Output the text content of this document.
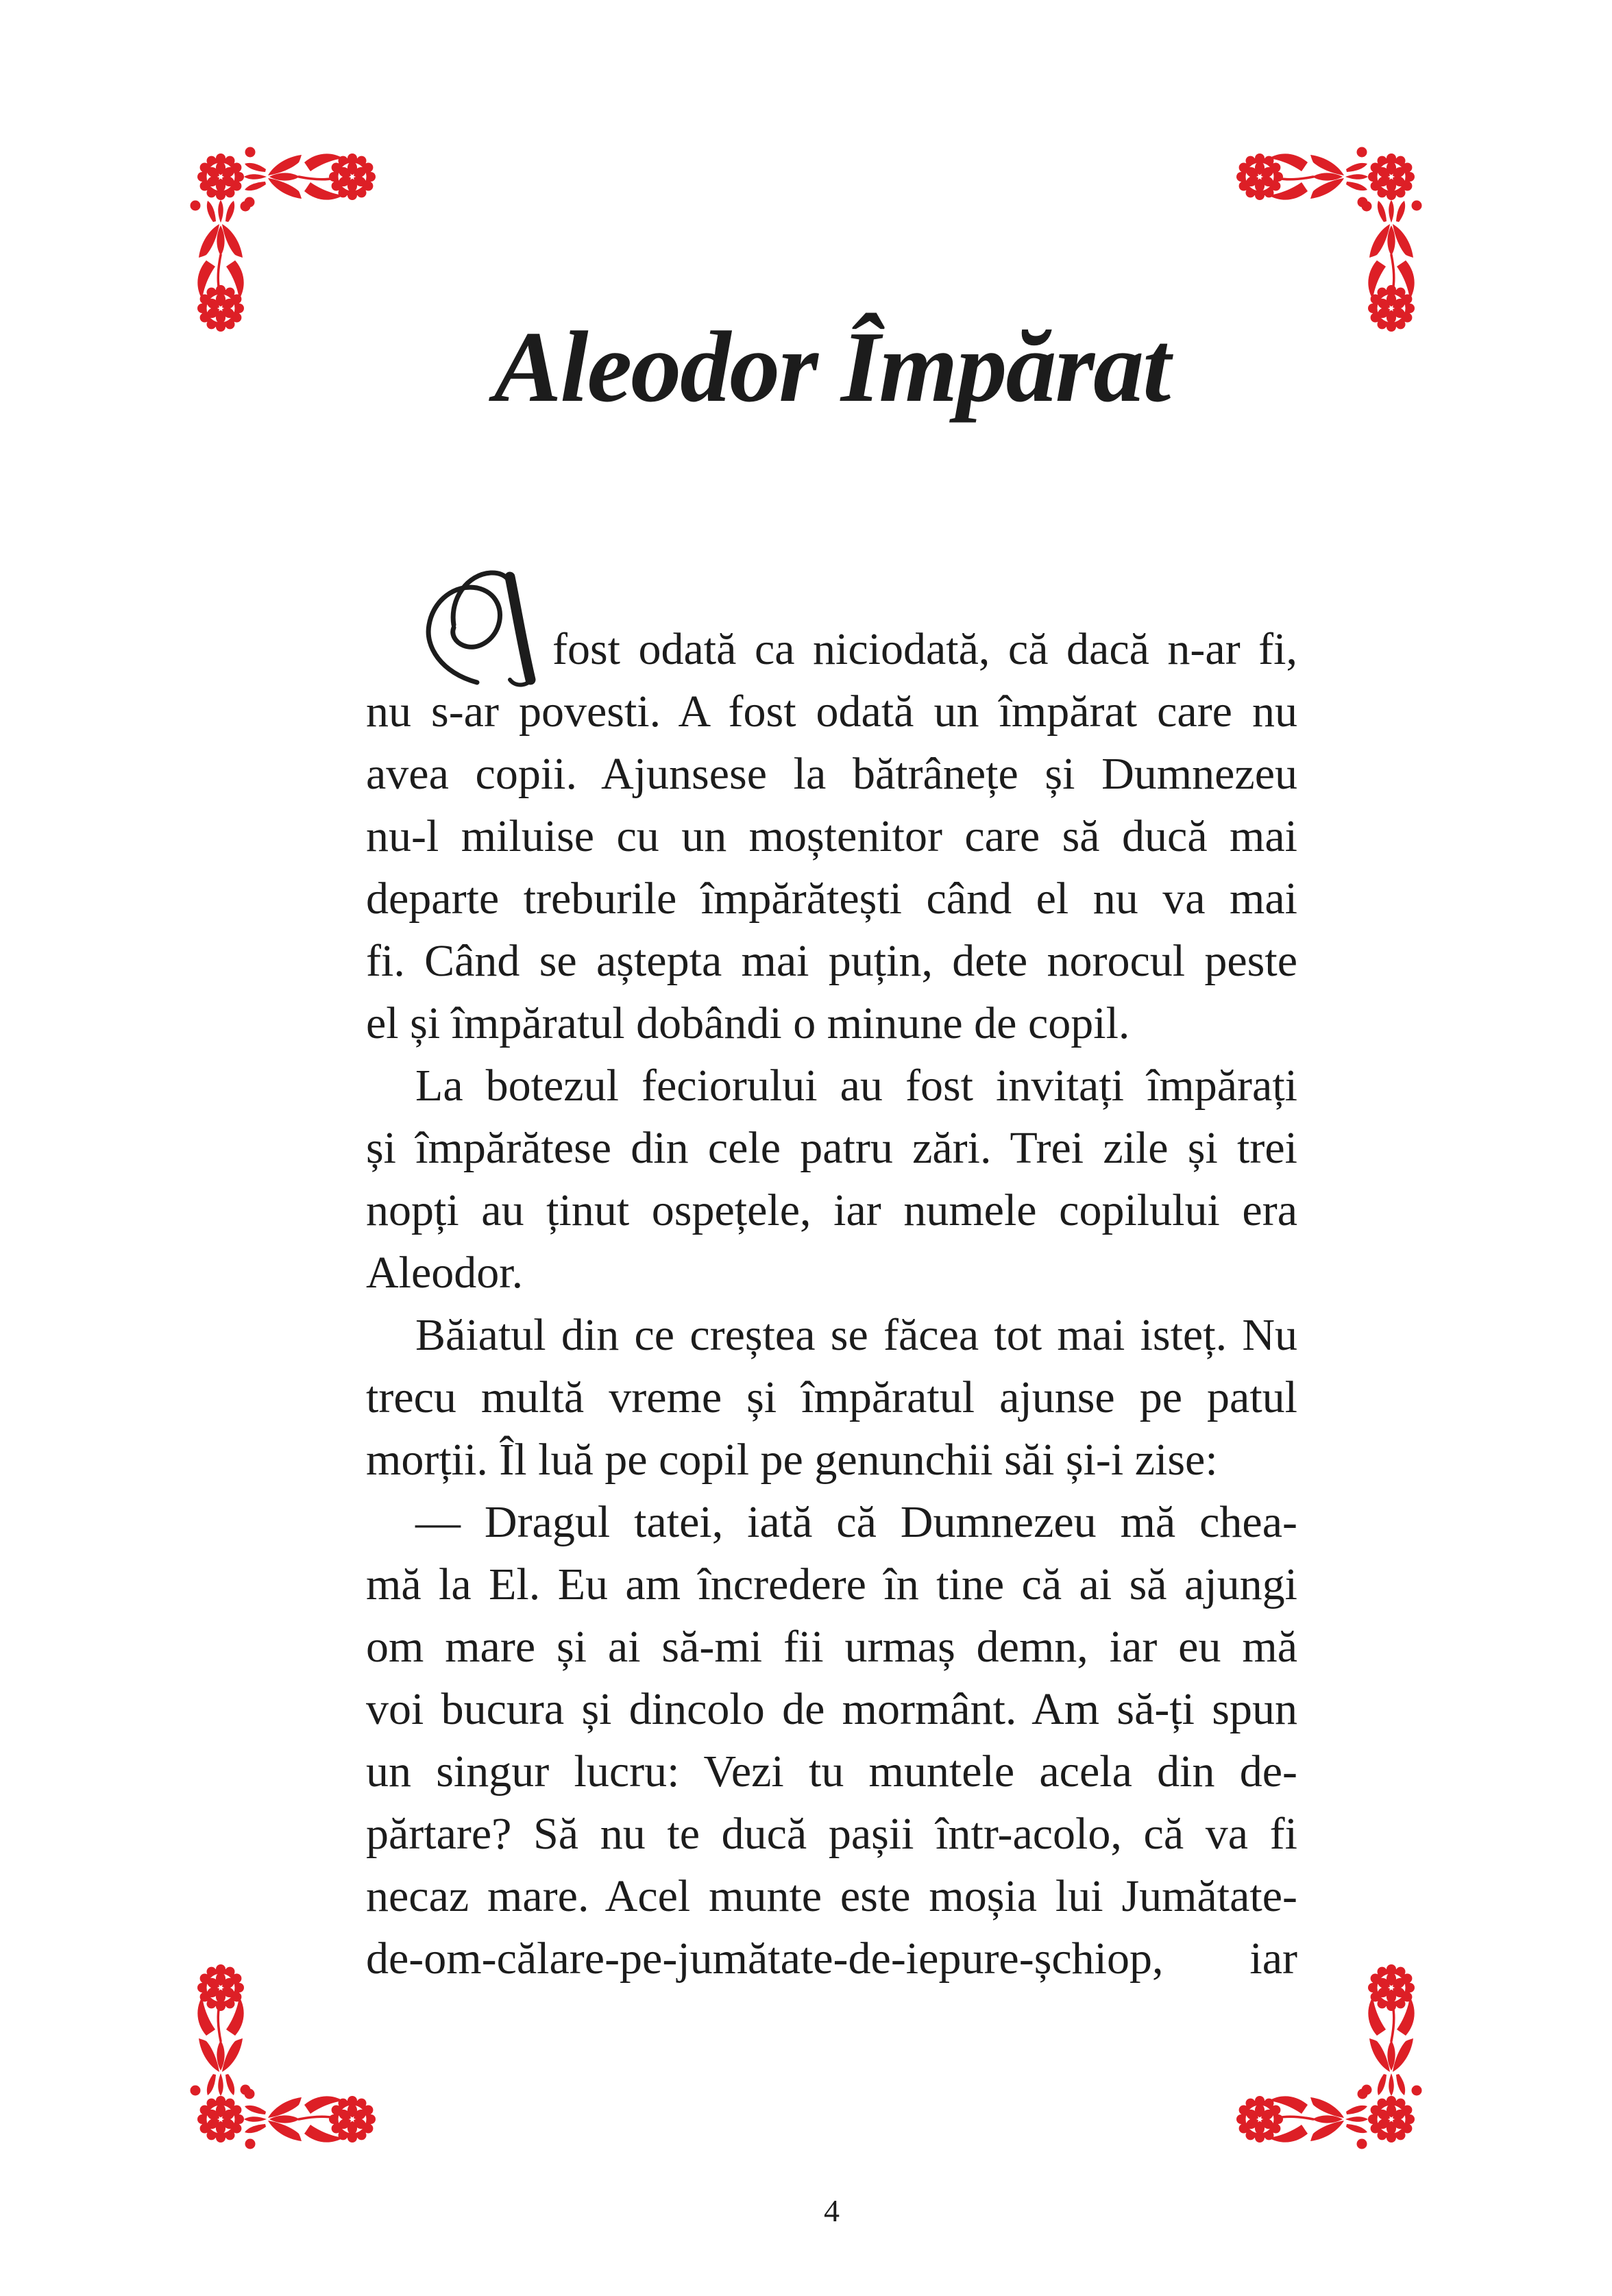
Aleodor Împărat
fost odată ca niciodată, că dacă n-ar fi,
nu s-ar povesti. A fost odată un împărat care nu
avea copii. Ajunsese la bătrânețe și Dumnezeu
nu-l miluise cu un moștenitor care să ducă mai
departe treburile împărătești când el nu va mai
fi. Când se aștepta mai puțin, dete norocul peste
el și împăratul dobândi o minune de copil.
La botezul feciorului au fost invitați împărați
și împărătese din cele patru zări. Trei zile și trei
nopți au ținut ospețele, iar numele copilului era
Aleodor.
Băiatul din ce creștea se făcea tot mai isteț. Nu
trecu multă vreme și împăratul ajunse pe patul
morții. Îl luă pe copil pe genunchii săi și-i zise:
— Dragul tatei, iată că Dumnezeu mă chea-
mă la El. Eu am încredere în tine că ai să ajungi
om mare și ai să-mi fii urmaș demn, iar eu mă
voi bucura și dincolo de mormânt. Am să-ți spun
un singur lucru: Vezi tu muntele acela din de-
părtare? Să nu te ducă pașii într-acolo, că va fi
necaz mare. Acel munte este moșia lui Jumătate-
de-om-călare-pe-jumătate-de-iepure-șchiop, iar
4
